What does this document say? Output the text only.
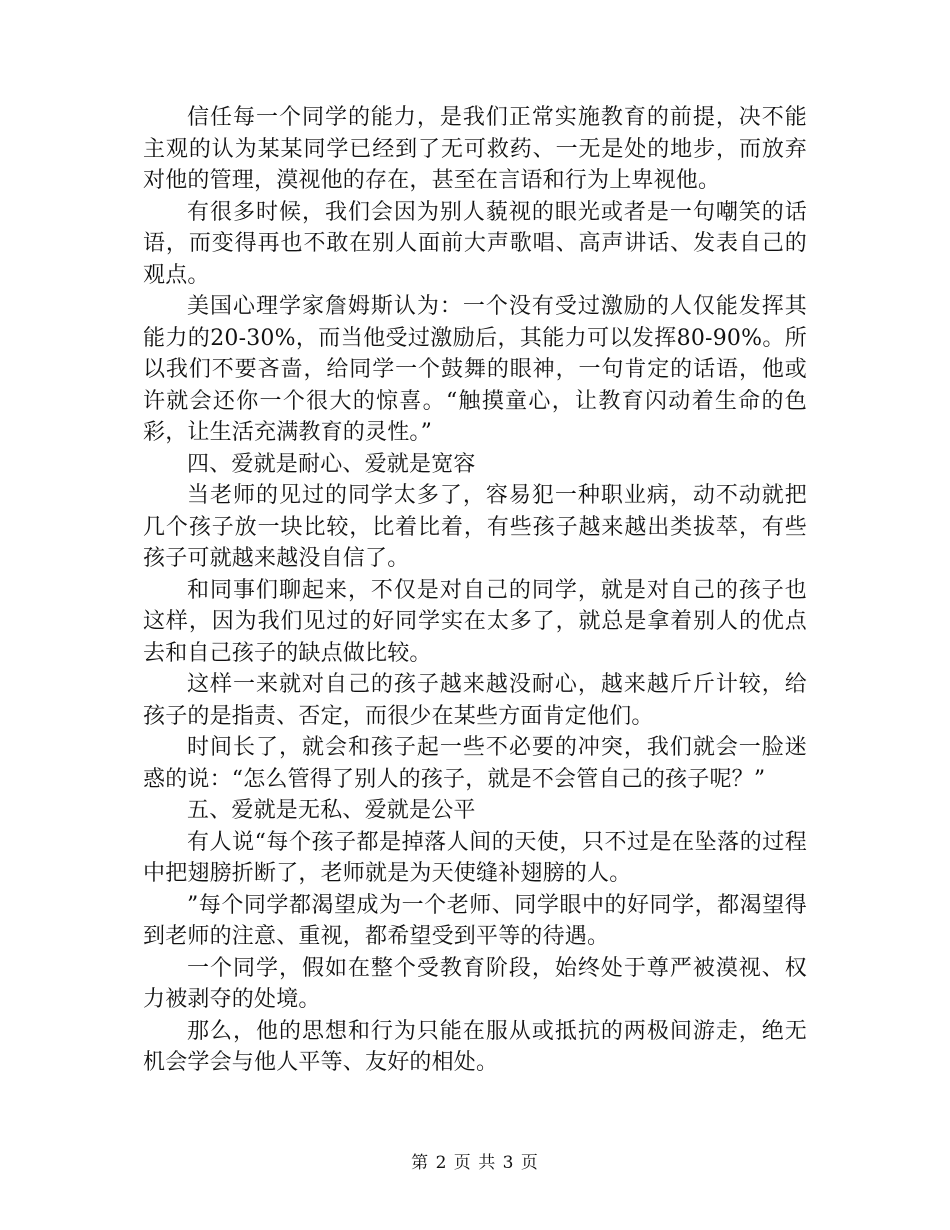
信任每一个同学的能力，是我们正常实施教育的前提，决不能主观的认为某某同学已经到了无可救药、一无是处的地步，而放弃对他的管理，漠视他的存在，甚至在言语和行为上卑视他。

有很多时候，我们会因为别人藐视的眼光或者是一句嘲笑的话语，而变得再也不敢在别人面前大声歌唱、高声讲话、发表自己的观点。

美国心理学家詹姆斯认为：一个没有受过激励的人仅能发挥其能力的20-30%，而当他受过激励后，其能力可以发挥80-90%。所以我们不要吝啬，给同学一个鼓舞的眼神，一句肯定的话语，他或许就会还你一个很大的惊喜。“触摸童心，让教育闪动着生命的色彩，让生活充满教育的灵性。”

四、爱就是耐心、爱就是宽容

当老师的见过的同学太多了，容易犯一种职业病，动不动就把几个孩子放一块比较，比着比着，有些孩子越来越出类拔萃，有些孩子可就越来越没自信了。

和同事们聊起来，不仅是对自己的同学，就是对自己的孩子也这样，因为我们见过的好同学实在太多了，就总是拿着别人的优点去和自己孩子的缺点做比较。

这样一来就对自己的孩子越来越没耐心，越来越斤斤计较，给孩子的是指责、否定，而很少在某些方面肯定他们。

时间长了，就会和孩子起一些不必要的冲突，我们就会一脸迷惑的说：“怎么管得了别人的孩子，就是不会管自己的孩子呢？”

五、爱就是无私、爱就是公平

有人说“每个孩子都是掉落人间的天使，只不过是在坠落的过程中把翅膀折断了，老师就是为天使缝补翅膀的人。

”每个同学都渴望成为一个老师、同学眼中的好同学，都渴望得到老师的注意、重视，都希望受到平等的待遇。

一个同学，假如在整个受教育阶段，始终处于尊严被漠视、权力被剥夺的处境。

那么，他的思想和行为只能在服从或抵抗的两极间游走，绝无机会学会与他人平等、友好的相处。

第 2 页 共 3 页
